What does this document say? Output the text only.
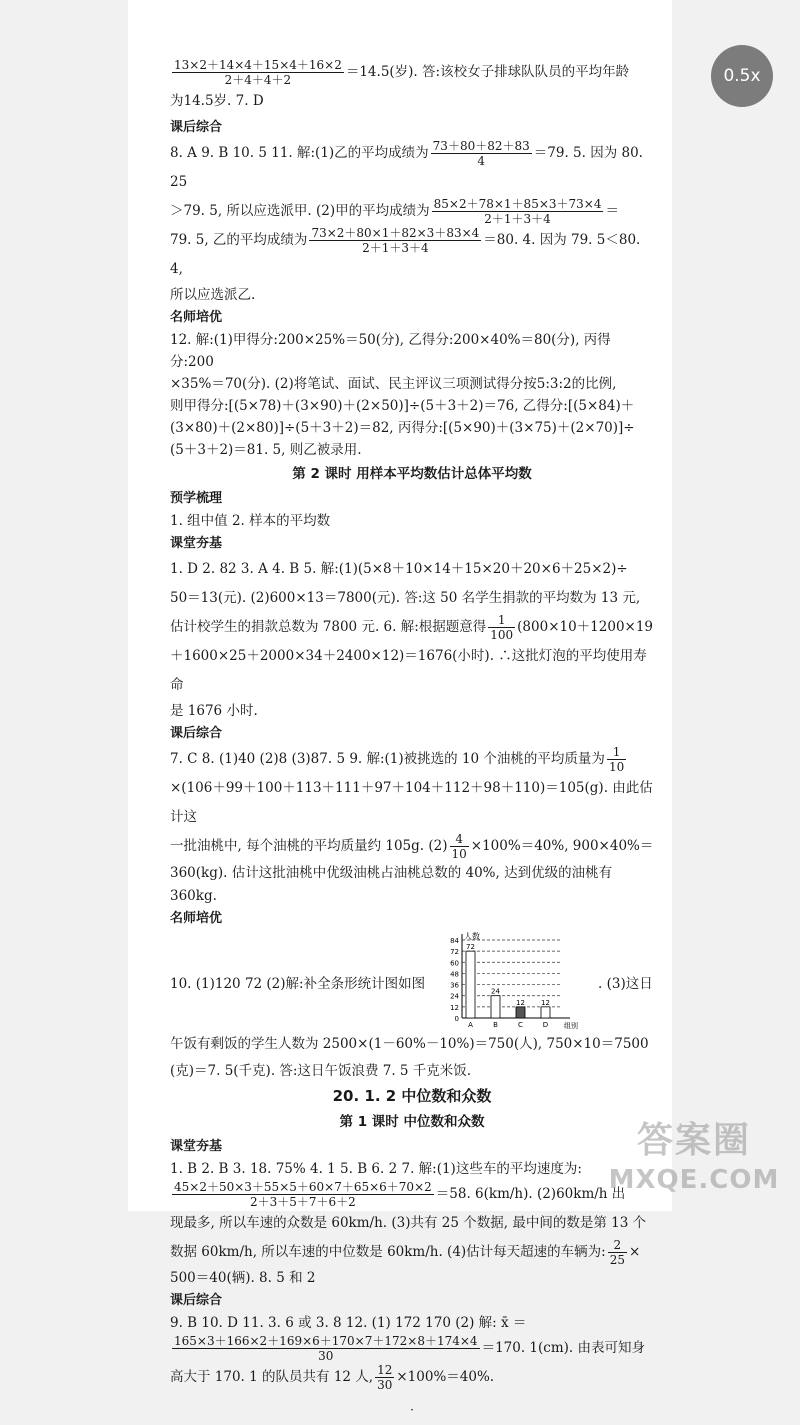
$\frac{13\times 2+14\times 4+15\times 4+16\times 2}{2+4+4+2} =14.5$(岁). 答:该校女子排球队队员的平均年龄

为14.5岁. 7. D

课后综合

8. A 9. B 10. 5 11. 解:(1)乙的平均成绩为 $\frac{73+80+82+83}{4} =79$. 5. 因为 80. 25

＞79. 5, 所以应选派甲. (2)甲的平均成绩为 $\frac{85\times 2+78\times 1+85\times 3+73\times 4}{2+1+3+4}$ ＝

79. 5, 乙的平均成绩为 $\frac{73\times 2+80\times 1+82\times 3+83\times 4}{2+1+3+4} =80$. 4. 因为 79. 5＜80. 4,

所以应选派乙.

名师培优

12. 解:(1)甲得分:200×25%＝50(分), 乙得分:200×40%＝80(分), 丙得分:200

×35%＝70(分). (2)将笔试、面试、民主评议三项测试得分按5:3:2的比例,

则甲得分:[(5×78)＋(3×90)＋(2×50)]÷(5＋3＋2)＝76, 乙得分:[(5×84)＋

(3×80)＋(2×80)]÷(5＋3＋2)＝82, 丙得分:[(5×90)＋(3×75)＋(2×70)]÷

(5＋3＋2)＝81. 5, 则乙被录用.

第 2 课时 用样本平均数估计总体平均数
预学梳理

1. 组中值 2. 样本的平均数

课堂夯基

1. D 2. 82 3. A 4. B 5. 解:(1)(5×8＋10×14＋15×20＋20×6＋25×2)÷

50＝13(元). (2)600×13＝7800(元). 答:这 50 名学生捐款的平均数为 13 元,

估计校学生的捐款总数为 7800 元. 6. 解:根据题意得 $\frac{1}{100} (800\times 10+1200\times 19$

＋1600×25＋2000×34＋2400×12)＝1676(小时). ∴这批灯泡的平均使用寿命

是 1676 小时.

课后综合

7. C 8. (1)40 (2)8 (3)87. 5 9. 解:(1)被挑选的 10 个油桃的平均质量为 $\frac{1}{10}$

×(106＋99＋100＋113＋111＋97＋104＋112＋98＋110)＝105(g). 由此估计这

一批油桃中, 每个油桃的平均质量约 105g. $(2) \frac{4}{10} \times 100\%=40\%$, 900×40%＝

360(kg). 估计这批油桃中优级油桃占油桃总数的 40%, 达到优级的油桃有

360kg.

名师培优
10. (1)120 72 (2)解:补全条形统计图如图
0
12
24
36
48
60
72
84 人数
组别
72
A
24
B
12
C
12
D
. (3)这日

午饭有剩饭的学生人数为 2500×(1－60%－10%)＝750(人), 750×10＝7500

(克)＝7. 5(千克). 答:这日午饭浪费 7. 5 千克米饭.

20. 1. 2 中位数和众数
第 1 课时 中位数和众数
课堂夯基

1. B 2. B 3. 18. 75% 4. 1 5. B 6. 2 7. 解:(1)这些车的平均速度为:

$\frac{45\times 2+50\times 3+55\times 5+60\times 7+65\times 6+70\times 2}{2+3+5+7+6+2} =58$. 6(km/h). (2)60km/h 出

现最多, 所以车速的众数是 60km/h. (3)共有 25 个数据, 最中间的数是第 13 个

数据 60km/h, 所以车速的中位数是 60km/h. (4)估计每天超速的车辆为: $\frac{2}{25}$ ×

500＝40(辆). 8. 5 和 2

课后综合

9. B 10. D 11. 3. 6 或 3. 8 12. (1) 172 170 (2) 解: x̄ ＝

$\frac{165\times 3+166\times 2+169\times 6+170\times 7+172\times 8+174\times 4}{30} =170$. 1(cm). 由表可知身

高大于 170. 1 的队员共有 12 人, $\frac{12}{30} \times 100\%=40\%$.

·
0.5x
答案圈
MXQE.COM
